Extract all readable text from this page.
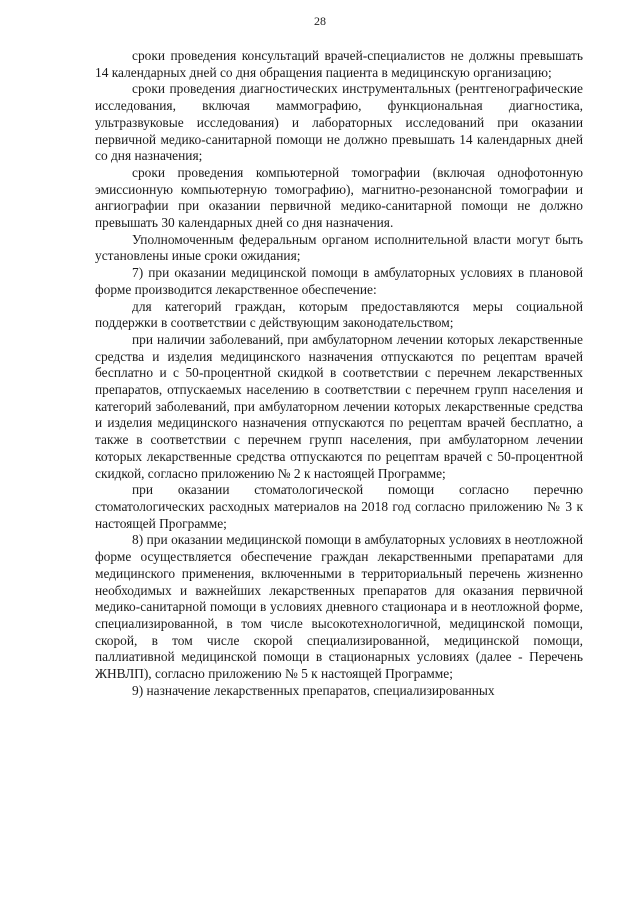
28

сроки проведения консультаций врачей-специалистов не должны превышать 14 календарных дней со дня обращения пациента в медицинскую организацию;

сроки проведения диагностических инструментальных (рентгенографические исследования, включая маммографию, функциональная диагностика, ультразвуковые исследования) и лабораторных исследований при оказании первичной медико-санитарной помощи не должно превышать 14 календарных дней со дня назначения;

сроки проведения компьютерной томографии (включая однофотонную эмиссионную компьютерную томографию), магнитно-резонансной томографии и ангиографии при оказании первичной медико-санитарной помощи не должно превышать 30 календарных дней со дня назначения.

Уполномоченным федеральным органом исполнительной власти могут быть установлены иные сроки ожидания;

7) при оказании медицинской помощи в амбулаторных условиях в плановой форме производится лекарственное обеспечение:

для категорий граждан, которым предоставляются меры социальной поддержки в соответствии с действующим законодательством;

при наличии заболеваний, при амбулаторном лечении которых лекарственные средства и изделия медицинского назначения отпускаются по рецептам врачей бесплатно и с 50-процентной скидкой в соответствии с перечнем лекарственных препаратов, отпускаемых населению в соответствии с перечнем групп населения и категорий заболеваний, при амбулаторном лечении которых лекарственные средства и изделия медицинского назначения отпускаются по рецептам врачей бесплатно, а также в соответствии с перечнем групп населения, при амбулаторном лечении которых лекарственные средства отпускаются по рецептам врачей с 50-процентной скидкой, согласно приложению № 2 к настоящей Программе;

при оказании стоматологической помощи согласно перечню стоматологических расходных материалов на 2018 год согласно приложению № 3 к настоящей Программе;

8) при оказании медицинской помощи в амбулаторных условиях в неотложной форме осуществляется обеспечение граждан лекарственными препаратами для медицинского применения, включенными в территориальный перечень жизненно необходимых и важнейших лекарственных препаратов для оказания первичной медико-санитарной помощи в условиях дневного стационара и в неотложной форме, специализированной, в том числе высокотехнологичной, медицинской помощи, скорой, в том числе скорой специализированной, медицинской помощи, паллиативной медицинской помощи в стационарных условиях (далее - Перечень ЖНВЛП), согласно приложению № 5 к настоящей Программе;

9) назначение лекарственных препаратов, специализированных
